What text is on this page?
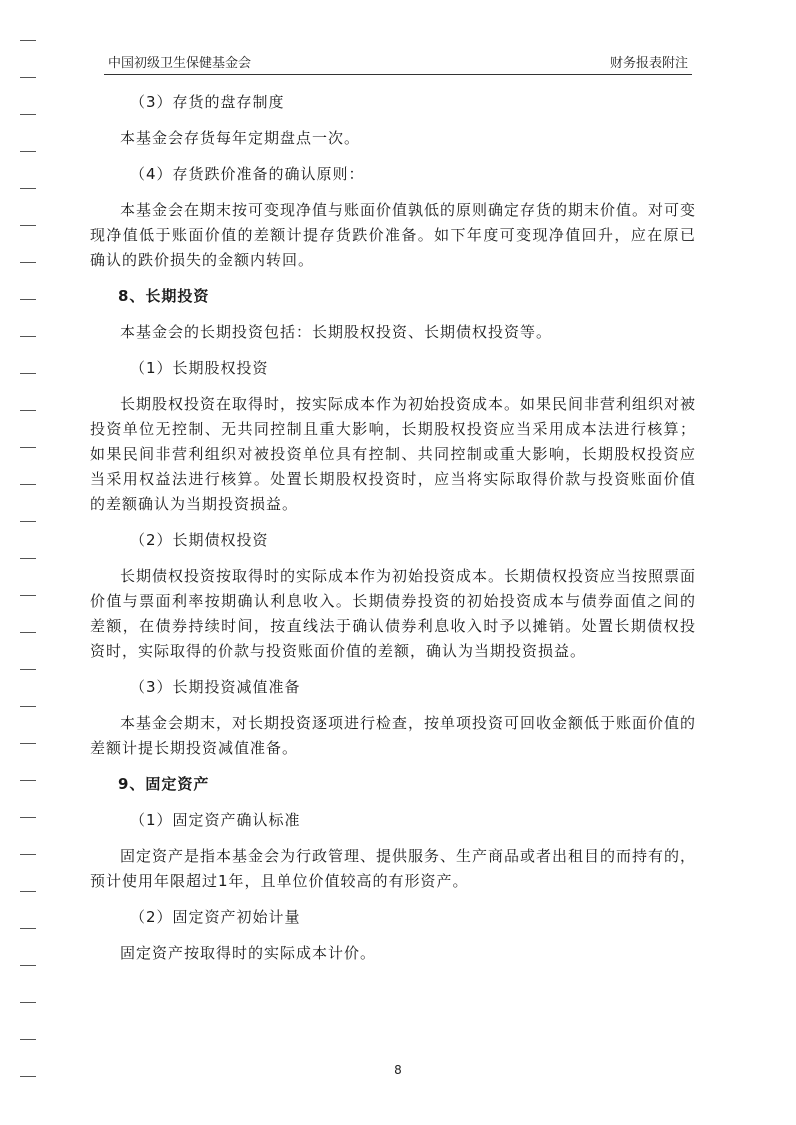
中国初级卫生保健基金会	财务报表附注

（3）存货的盘存制度

本基金会存货每年定期盘点一次。

（4）存货跌价准备的确认原则：

本基金会在期末按可变现净值与账面价值孰低的原则确定存货的期末价值。对可变现净值低于账面价值的差额计提存货跌价准备。如下年度可变现净值回升，应在原已确认的跌价损失的金额内转回。

8、长期投资

本基金会的长期投资包括：长期股权投资、长期债权投资等。

（1）长期股权投资

长期股权投资在取得时，按实际成本作为初始投资成本。如果民间非营利组织对被投资单位无控制、无共同控制且重大影响，长期股权投资应当采用成本法进行核算；如果民间非营利组织对被投资单位具有控制、共同控制或重大影响，长期股权投资应当采用权益法进行核算。处置长期股权投资时，应当将实际取得价款与投资账面价值的差额确认为当期投资损益。

（2）长期债权投资

长期债权投资按取得时的实际成本作为初始投资成本。长期债权投资应当按照票面价值与票面利率按期确认利息收入。长期债券投资的初始投资成本与债券面值之间的差额，在债券持续时间，按直线法于确认债券利息收入时予以摊销。处置长期债权投资时，实际取得的价款与投资账面价值的差额，确认为当期投资损益。

（3）长期投资减值准备

本基金会期末，对长期投资逐项进行检查，按单项投资可回收金额低于账面价值的差额计提长期投资减值准备。

9、固定资产

（1）固定资产确认标准

固定资产是指本基金会为行政管理、提供服务、生产商品或者出租目的而持有的，预计使用年限超过1年，且单位价值较高的有形资产。

（2）固定资产初始计量

固定资产按取得时的实际成本计价。

8
